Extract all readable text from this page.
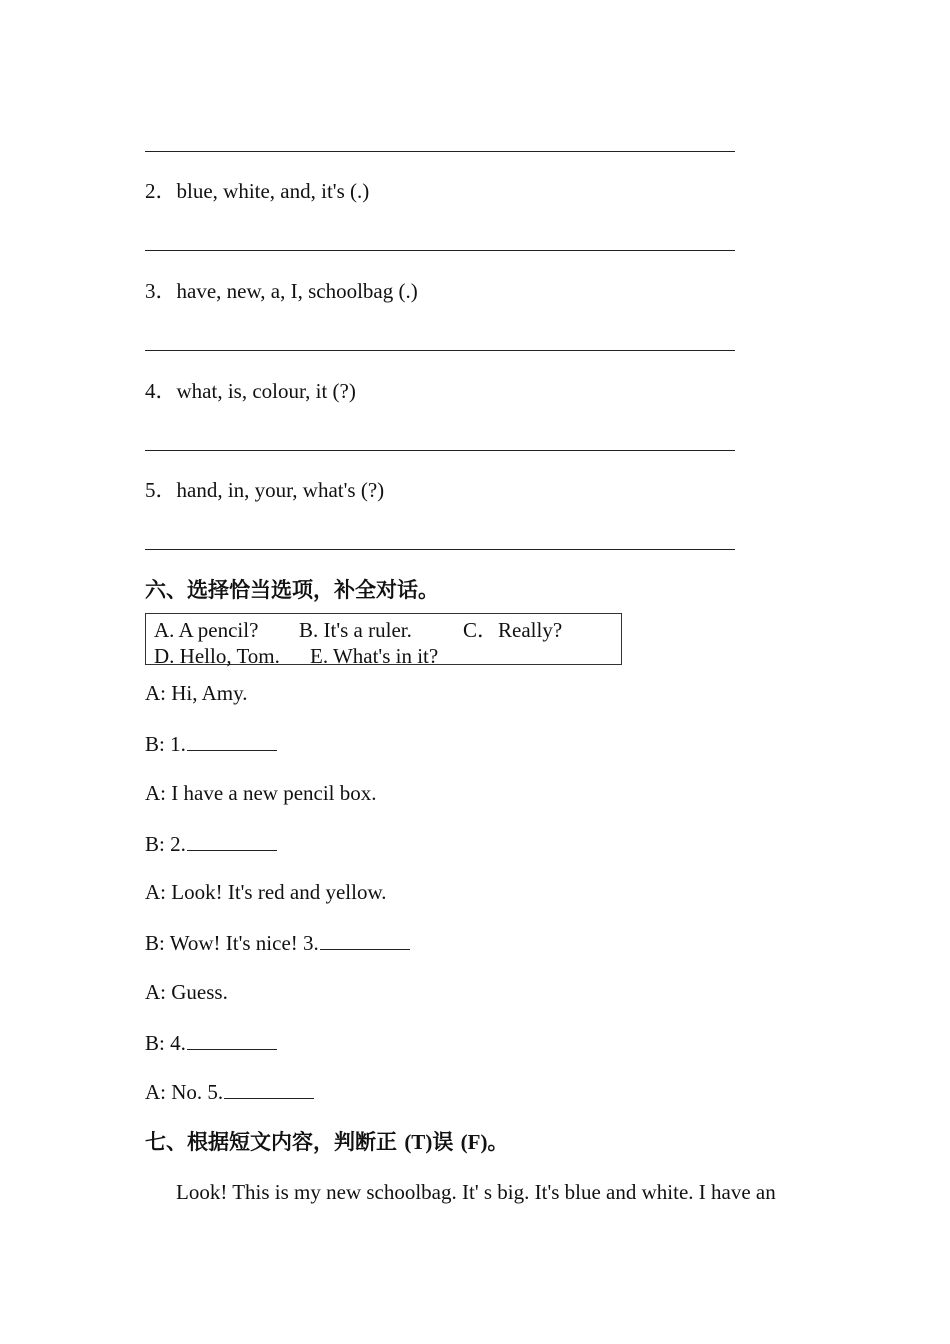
2．blue, white, and, it's (.)
3．have, new, a, I, schoolbag (.)
4．what, is, colour, it (?)
5．hand, in, your, what's (?)
六、选择恰当选项，补全对话。
A. A pencil? B. It's a ruler. C．Really?
D. Hello, Tom. E. What's in it?
A: Hi, Amy.
B: 1.
A: I have a new pencil box.
B: 2.
A: Look! It's red and yellow.
B: Wow! It's nice! 3.
A: Guess.
B: 4.
A: No. 5.
七、根据短文内容，判断正 (T)误 (F)。
Look! This is my new schoolbag. It' s big. It's blue and white. I have an
